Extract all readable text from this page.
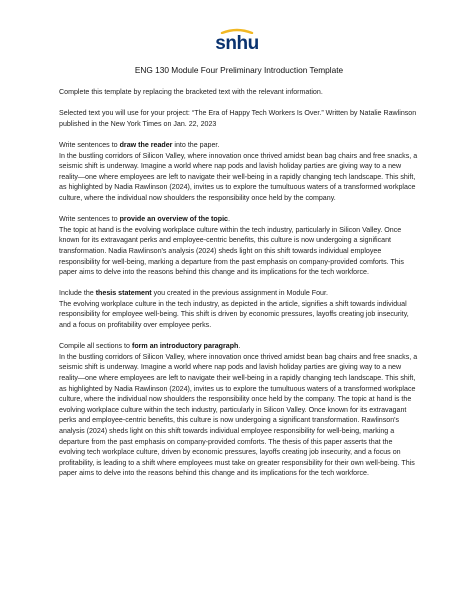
snhu
ENG 130 Module Four Preliminary Introduction Template

Complete this template by replacing the bracketed text with the relevant information.

Selected text you will use for your project: “The Era of Happy Tech Workers Is Over.” Written by Natalie Rawlinson published in the New York Times on Jan. 22, 2023

Write sentences to draw the reader into the paper.

In the bustling corridors of Silicon Valley, where innovation once thrived amidst bean bag chairs and free snacks, a seismic shift is underway. Imagine a world where nap pods and lavish holiday parties are giving way to a new reality—one where employees are left to navigate their well-being in a rapidly changing tech landscape. This shift, as highlighted by Nadia Rawlinson (2024), invites us to explore the tumultuous waters of a transformed workplace culture, where the individual now shoulders the responsibility once held by the company.

Write sentences to provide an overview of the topic.

The topic at hand is the evolving workplace culture within the tech industry, particularly in Silicon Valley. Once known for its extravagant perks and employee-centric benefits, this culture is now undergoing a significant transformation. Nadia Rawlinson's analysis (2024) sheds light on this shift towards individual employee responsibility for well-being, marking a departure from the past emphasis on company-provided comforts. This paper aims to delve into the reasons behind this change and its implications for the tech workforce.

Include the thesis statement you created in the previous assignment in Module Four.

The evolving workplace culture in the tech industry, as depicted in the article, signifies a shift towards individual responsibility for employee well-being. This shift is driven by economic pressures, layoffs creating job insecurity, and a focus on profitability over employee perks.

Compile all sections to form an introductory paragraph.

In the bustling corridors of Silicon Valley, where innovation once thrived amidst bean bag chairs and free snacks, a seismic shift is underway. Imagine a world where nap pods and lavish holiday parties are giving way to a new reality—one where employees are left to navigate their well-being in a rapidly changing tech landscape. This shift, as highlighted by Nadia Rawlinson (2024), invites us to explore the tumultuous waters of a transformed workplace culture, where the individual now shoulders the responsibility once held by the company. The topic at hand is the evolving workplace culture within the tech industry, particularly in Silicon Valley. Once known for its extravagant perks and employee-centric benefits, this culture is now undergoing a significant transformation. Rawlinson's analysis (2024) sheds light on this shift towards individual employee responsibility for well-being, marking a departure from the past emphasis on company-provided comforts. The thesis of this paper asserts that the evolving tech workplace culture, driven by economic pressures, layoffs creating job insecurity, and a focus on profitability, is leading to a shift where employees must take on greater responsibility for their own well-being. This paper aims to delve into the reasons behind this change and its implications for the tech workforce.
